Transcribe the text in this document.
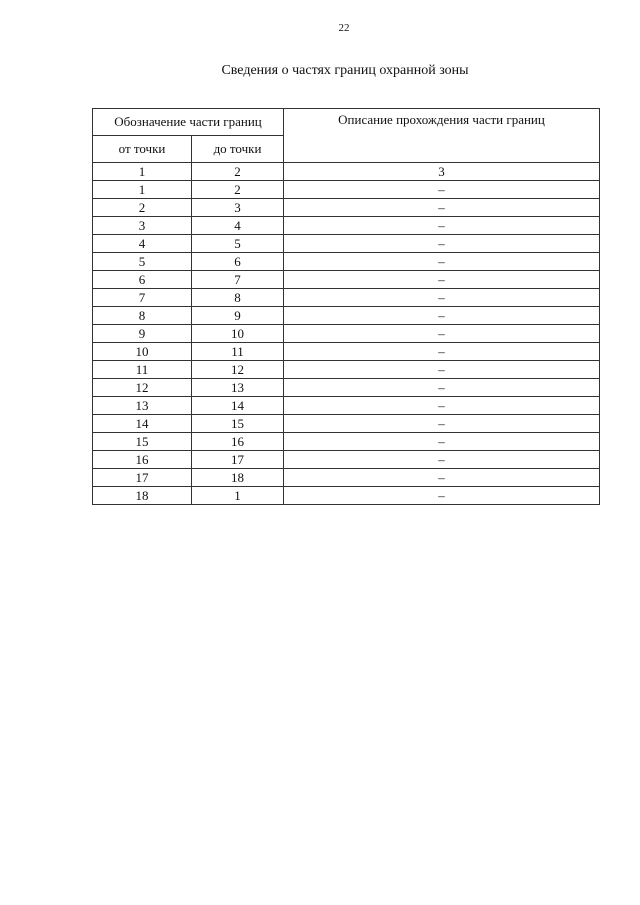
22
Сведения о частях границ охранной зоны
Обозначение части границ		Описание прохождения части границ
от точки	до точки	
1	2	3
1	2	–
2	3	–
3	4	–
4	5	–
5	6	–
6	7	–
7	8	–
8	9	–
9	10	–
10	11	–
11	12	–
12	13	–
13	14	–
14	15	–
15	16	–
16	17	–
17	18	–
18	1	–
